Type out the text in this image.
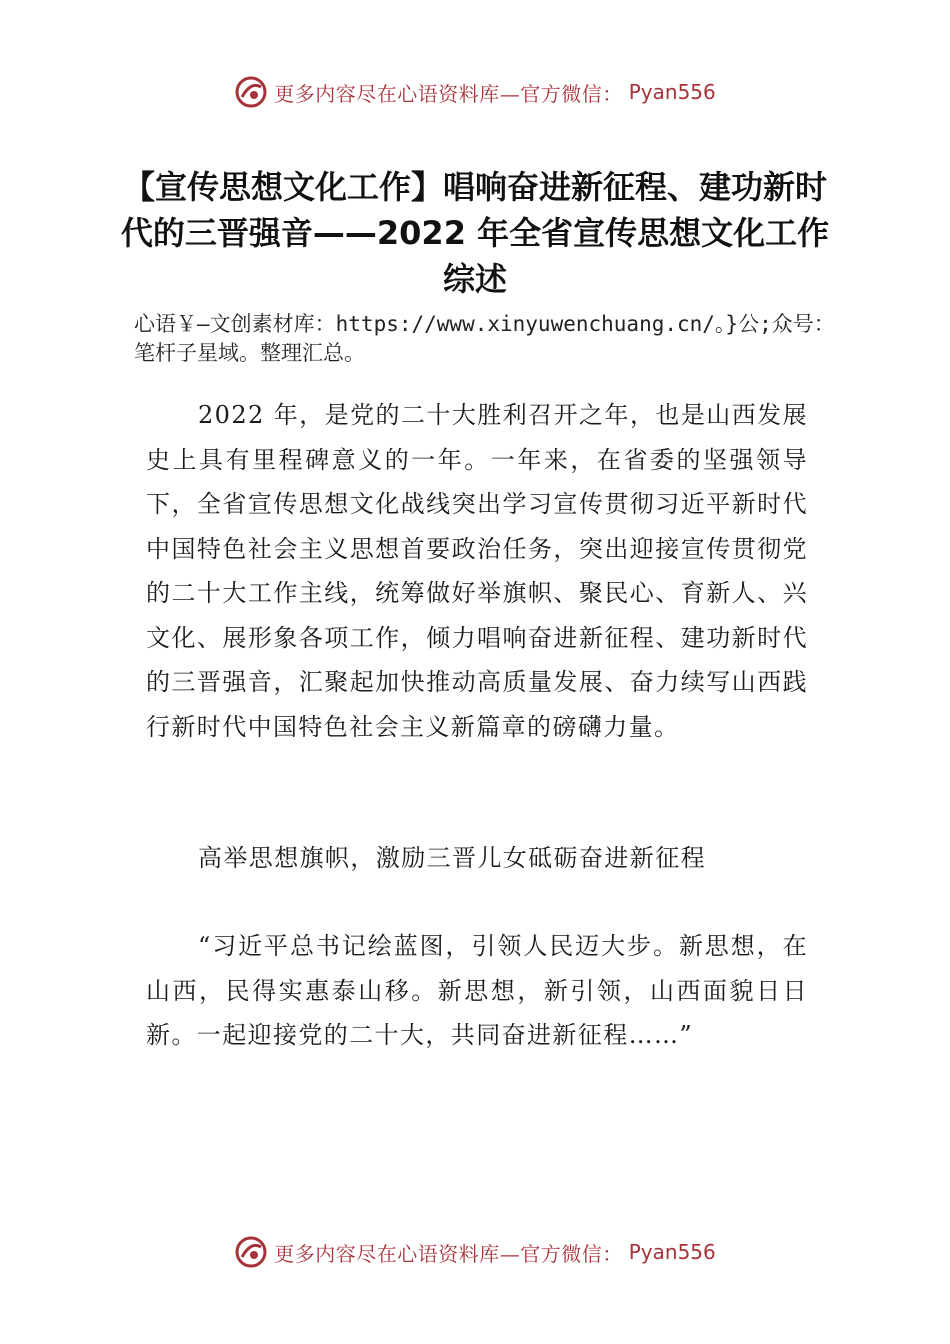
更多内容尽在心语资料库—官方微信： Pyan556
【宣传思想文化工作】唱响奋进新征程、建功新时代的三晋强音——2022 年全省宣传思想文化工作综述

心语￥—文创素材库：https://www.xinyuwenchuang.cn/。}公;众号：笔杆子星域。整理汇总。

2022 年，是党的二十大胜利召开之年，也是山西发展史上具有里程碑意义的一年。一年来，在省委的坚强领导下，全省宣传思想文化战线突出学习宣传贯彻习近平新时代中国特色社会主义思想首要政治任务，突出迎接宣传贯彻党的二十大工作主线，统筹做好举旗帜、聚民心、育新人、兴文化、展形象各项工作，倾力唱响奋进新征程、建功新时代的三晋强音，汇聚起加快推动高质量发展、奋力续写山西践行新时代中国特色社会主义新篇章的磅礴力量。

高举思想旗帜，激励三晋儿女砥砺奋进新征程

“习近平总书记绘蓝图，引领人民迈大步。新思想，在山西，民得实惠泰山移。新思想，新引领，山西面貌日日新。一起迎接党的二十大，共同奋进新征程……”

更多内容尽在心语资料库—官方微信： Pyan556
